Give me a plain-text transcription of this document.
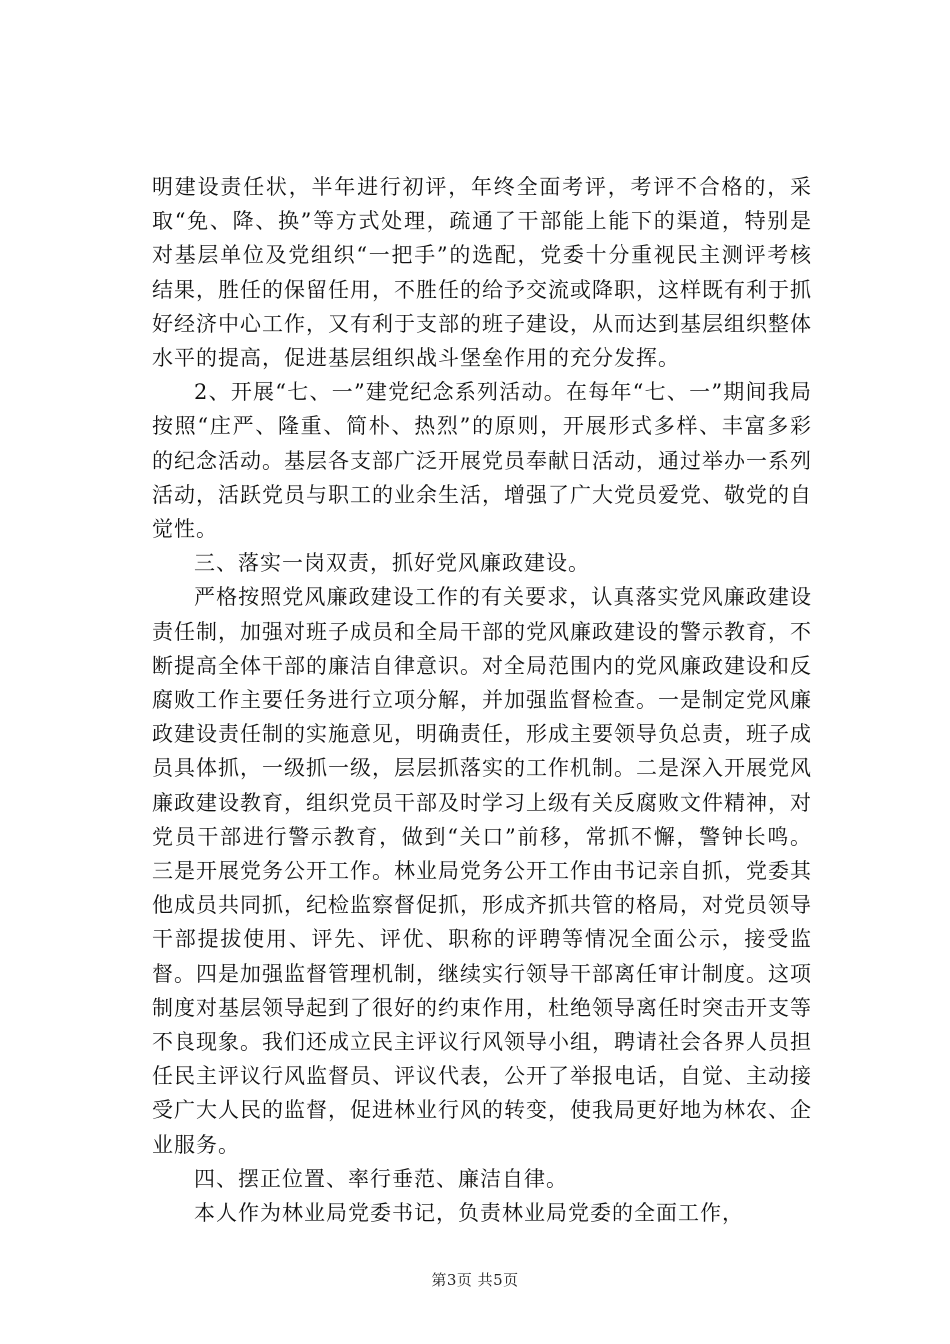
明建设责任状，半年进行初评，年终全面考评，考评不合格的，采取“免、降、换”等方式处理，疏通了干部能上能下的渠道，特别是对基层单位及党组织“一把手”的选配，党委十分重视民主测评考核结果，胜任的保留任用，不胜任的给予交流或降职，这样既有利于抓好经济中心工作，又有利于支部的班子建设，从而达到基层组织整体水平的提高，促进基层组织战斗堡垒作用的充分发挥。

2、开展“七、一”建党纪念系列活动。在每年“七、一”期间我局按照“庄严、隆重、简朴、热烈”的原则，开展形式多样、丰富多彩的纪念活动。基层各支部广泛开展党员奉献日活动，通过举办一系列活动，活跃党员与职工的业余生活，增强了广大党员爱党、敬党的自觉性。

三、落实一岗双责，抓好党风廉政建设。

严格按照党风廉政建设工作的有关要求，认真落实党风廉政建设责任制，加强对班子成员和全局干部的党风廉政建设的警示教育，不断提高全体干部的廉洁自律意识。对全局范围内的党风廉政建设和反腐败工作主要任务进行立项分解，并加强监督检查。一是制定党风廉政建设责任制的实施意见，明确责任，形成主要领导负总责，班子成员具体抓，一级抓一级，层层抓落实的工作机制。二是深入开展党风廉政建设教育，组织党员干部及时学习上级有关反腐败文件精神，对党员干部进行警示教育，做到“关口”前移，常抓不懈，警钟长鸣。三是开展党务公开工作。林业局党务公开工作由书记亲自抓，党委其他成员共同抓，纪检监察督促抓，形成齐抓共管的格局，对党员领导干部提拔使用、评先、评优、职称的评聘等情况全面公示，接受监督。四是加强监督管理机制，继续实行领导干部离任审计制度。这项制度对基层领导起到了很好的约束作用，杜绝领导离任时突击开支等不良现象。我们还成立民主评议行风领导小组，聘请社会各界人员担任民主评议行风监督员、评议代表，公开了举报电话，自觉、主动接受广大人民的监督，促进林业行风的转变，使我局更好地为林农、企业服务。

四、摆正位置、率行垂范、廉洁自律。

本人作为林业局党委书记，负责林业局党委的全面工作，

第3页 共5页
